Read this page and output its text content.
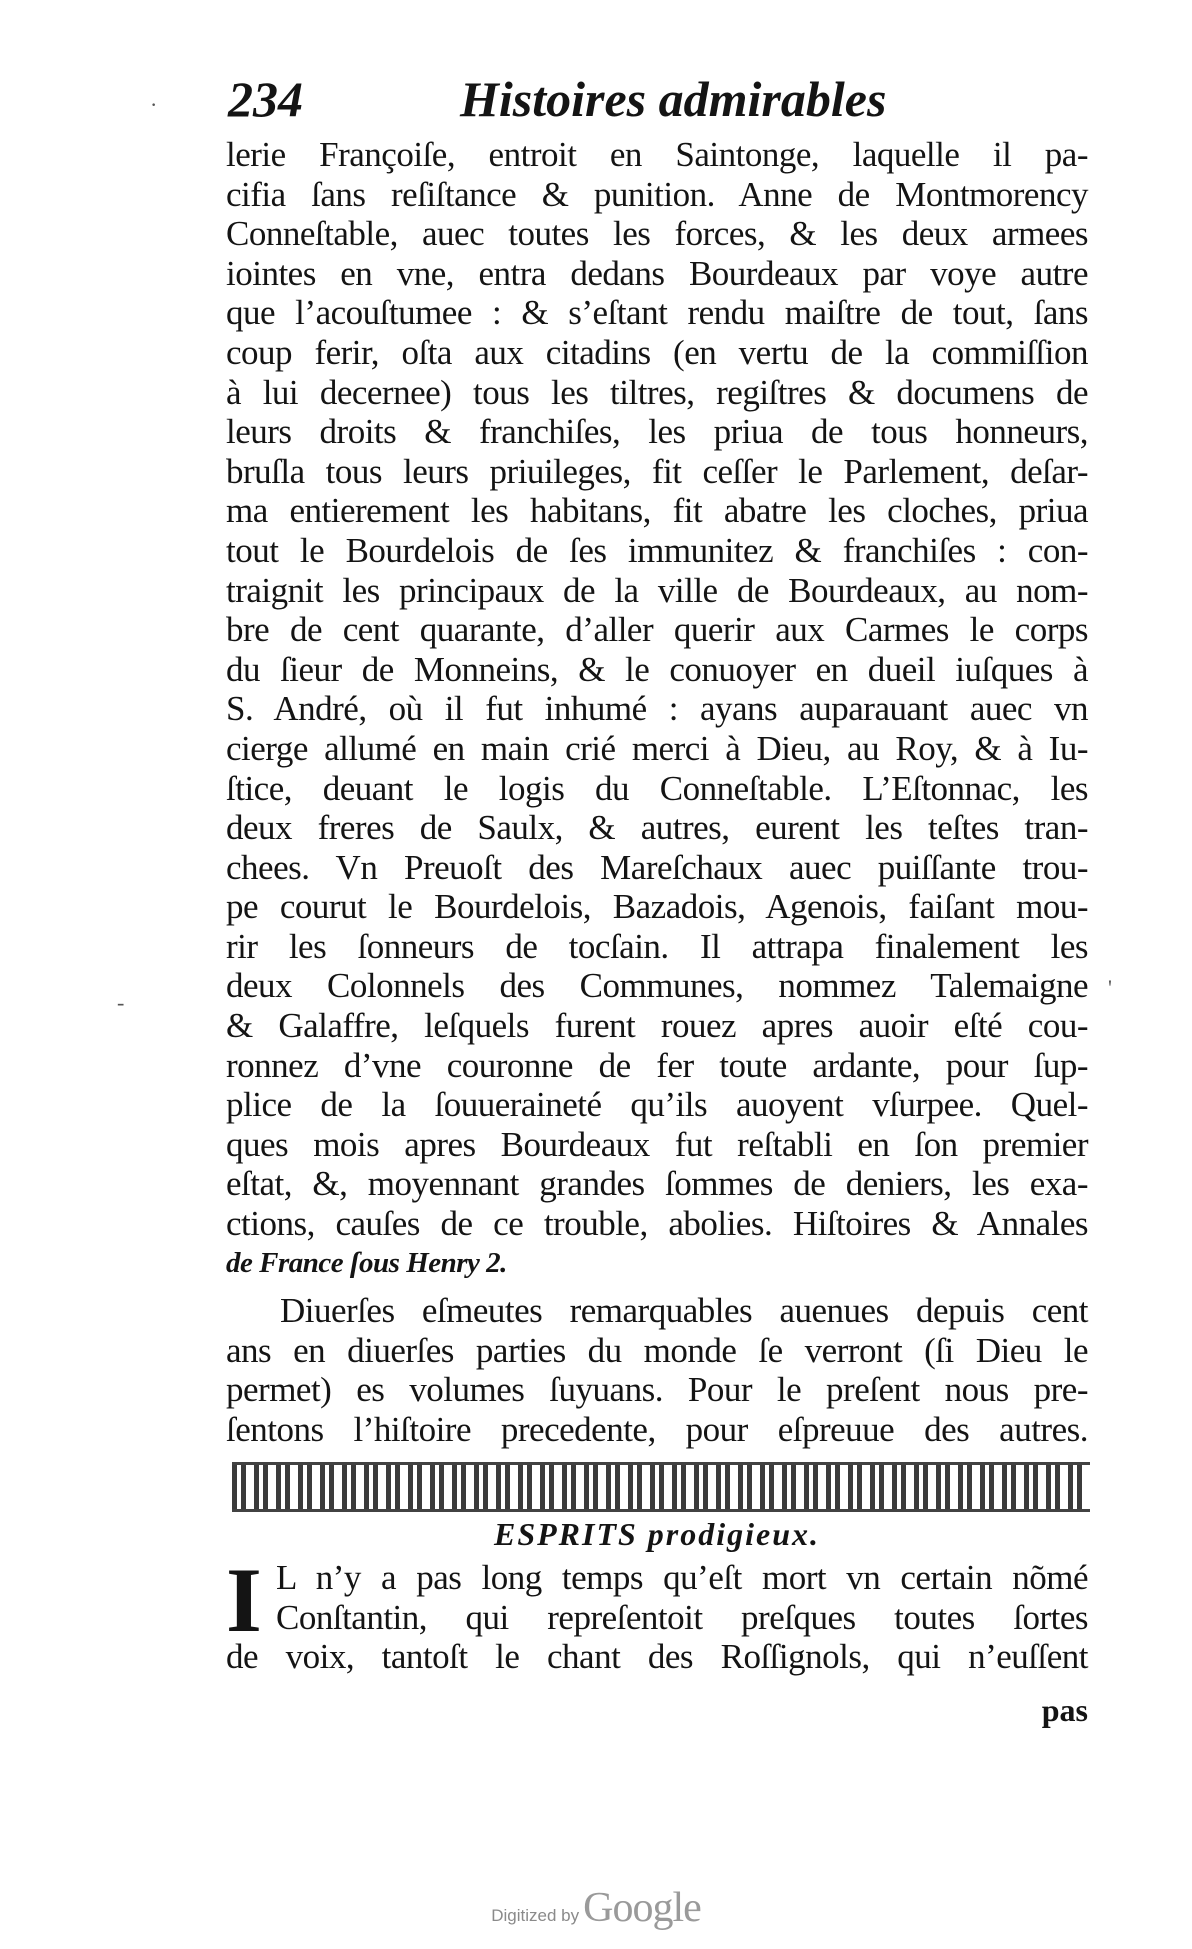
234	Histoires admirables
·
-
'
lerie Françoiſe, entroit en Saintonge, laquelle il pa-
cifia ſans reſiſtance & punition. Anne de Montmorency
Conneſtable, auec toutes les forces, & les deux armees
iointes en vne, entra dedans Bourdeaux par voye autre
que l’acouſtumee : & s’eſtant rendu maiſtre de tout, ſans
coup ferir, oſta aux citadins (en vertu de la commiſſion
à lui decernee) tous les tiltres, regiſtres & documens de
leurs droits & franchiſes, les priua de tous honneurs,
bruſla tous leurs priuileges, fit ceſſer le Parlement, deſar-
ma entierement les habitans, fit abatre les cloches, priua
tout le Bourdelois de ſes immunitez & franchiſes : con-
traignit les principaux de la ville de Bourdeaux, au nom-
bre de cent quarante, d’aller querir aux Carmes le corps
du ſieur de Monneins, & le conuoyer en dueil iuſques à
S. André, où il fut inhumé : ayans auparauant auec vn
cierge allumé en main crié merci à Dieu, au Roy, & à Iu-
ſtice, deuant le logis du Conneſtable. L’Eſtonnac, les
deux freres de Saulx, & autres, eurent les teſtes tran-
chees. Vn Preuoſt des Mareſchaux auec puiſſante trou-
pe courut le Bourdelois, Bazadois, Agenois, faiſant mou-
rir les ſonneurs de tocſain. Il attrapa finalement les
deux Colonnels des Communes, nommez Talemaigne
& Galaffre, leſquels furent rouez apres auoir eſté cou-
ronnez d’vne couronne de fer toute ardante, pour ſup-
plice de la ſouueraineté qu’ils auoyent vſurpee. Quel-
ques mois apres Bourdeaux fut reſtabli en ſon premier
eſtat, &, moyennant grandes ſommes de deniers, les exa-
ctions, cauſes de ce trouble, abolies. Hiſtoires & Annales
de France ſous Henry 2.
Diuerſes eſmeutes remarquables auenues depuis cent
ans en diuerſes parties du monde ſe verront (ſi Dieu le
permet) es volumes ſuyuans. Pour le preſent nous pre-
ſentons l’hiſtoire precedente, pour eſpreuue des autres.
ESPRITS prodigieux.
I L n’y a pas long temps qu’eſt mort vn certain nõmé
Conſtantin, qui repreſentoit preſques toutes ſortes
de voix, tantoſt le chant des Roſſignols, qui n’euſſent
pas
Digitized by Google
